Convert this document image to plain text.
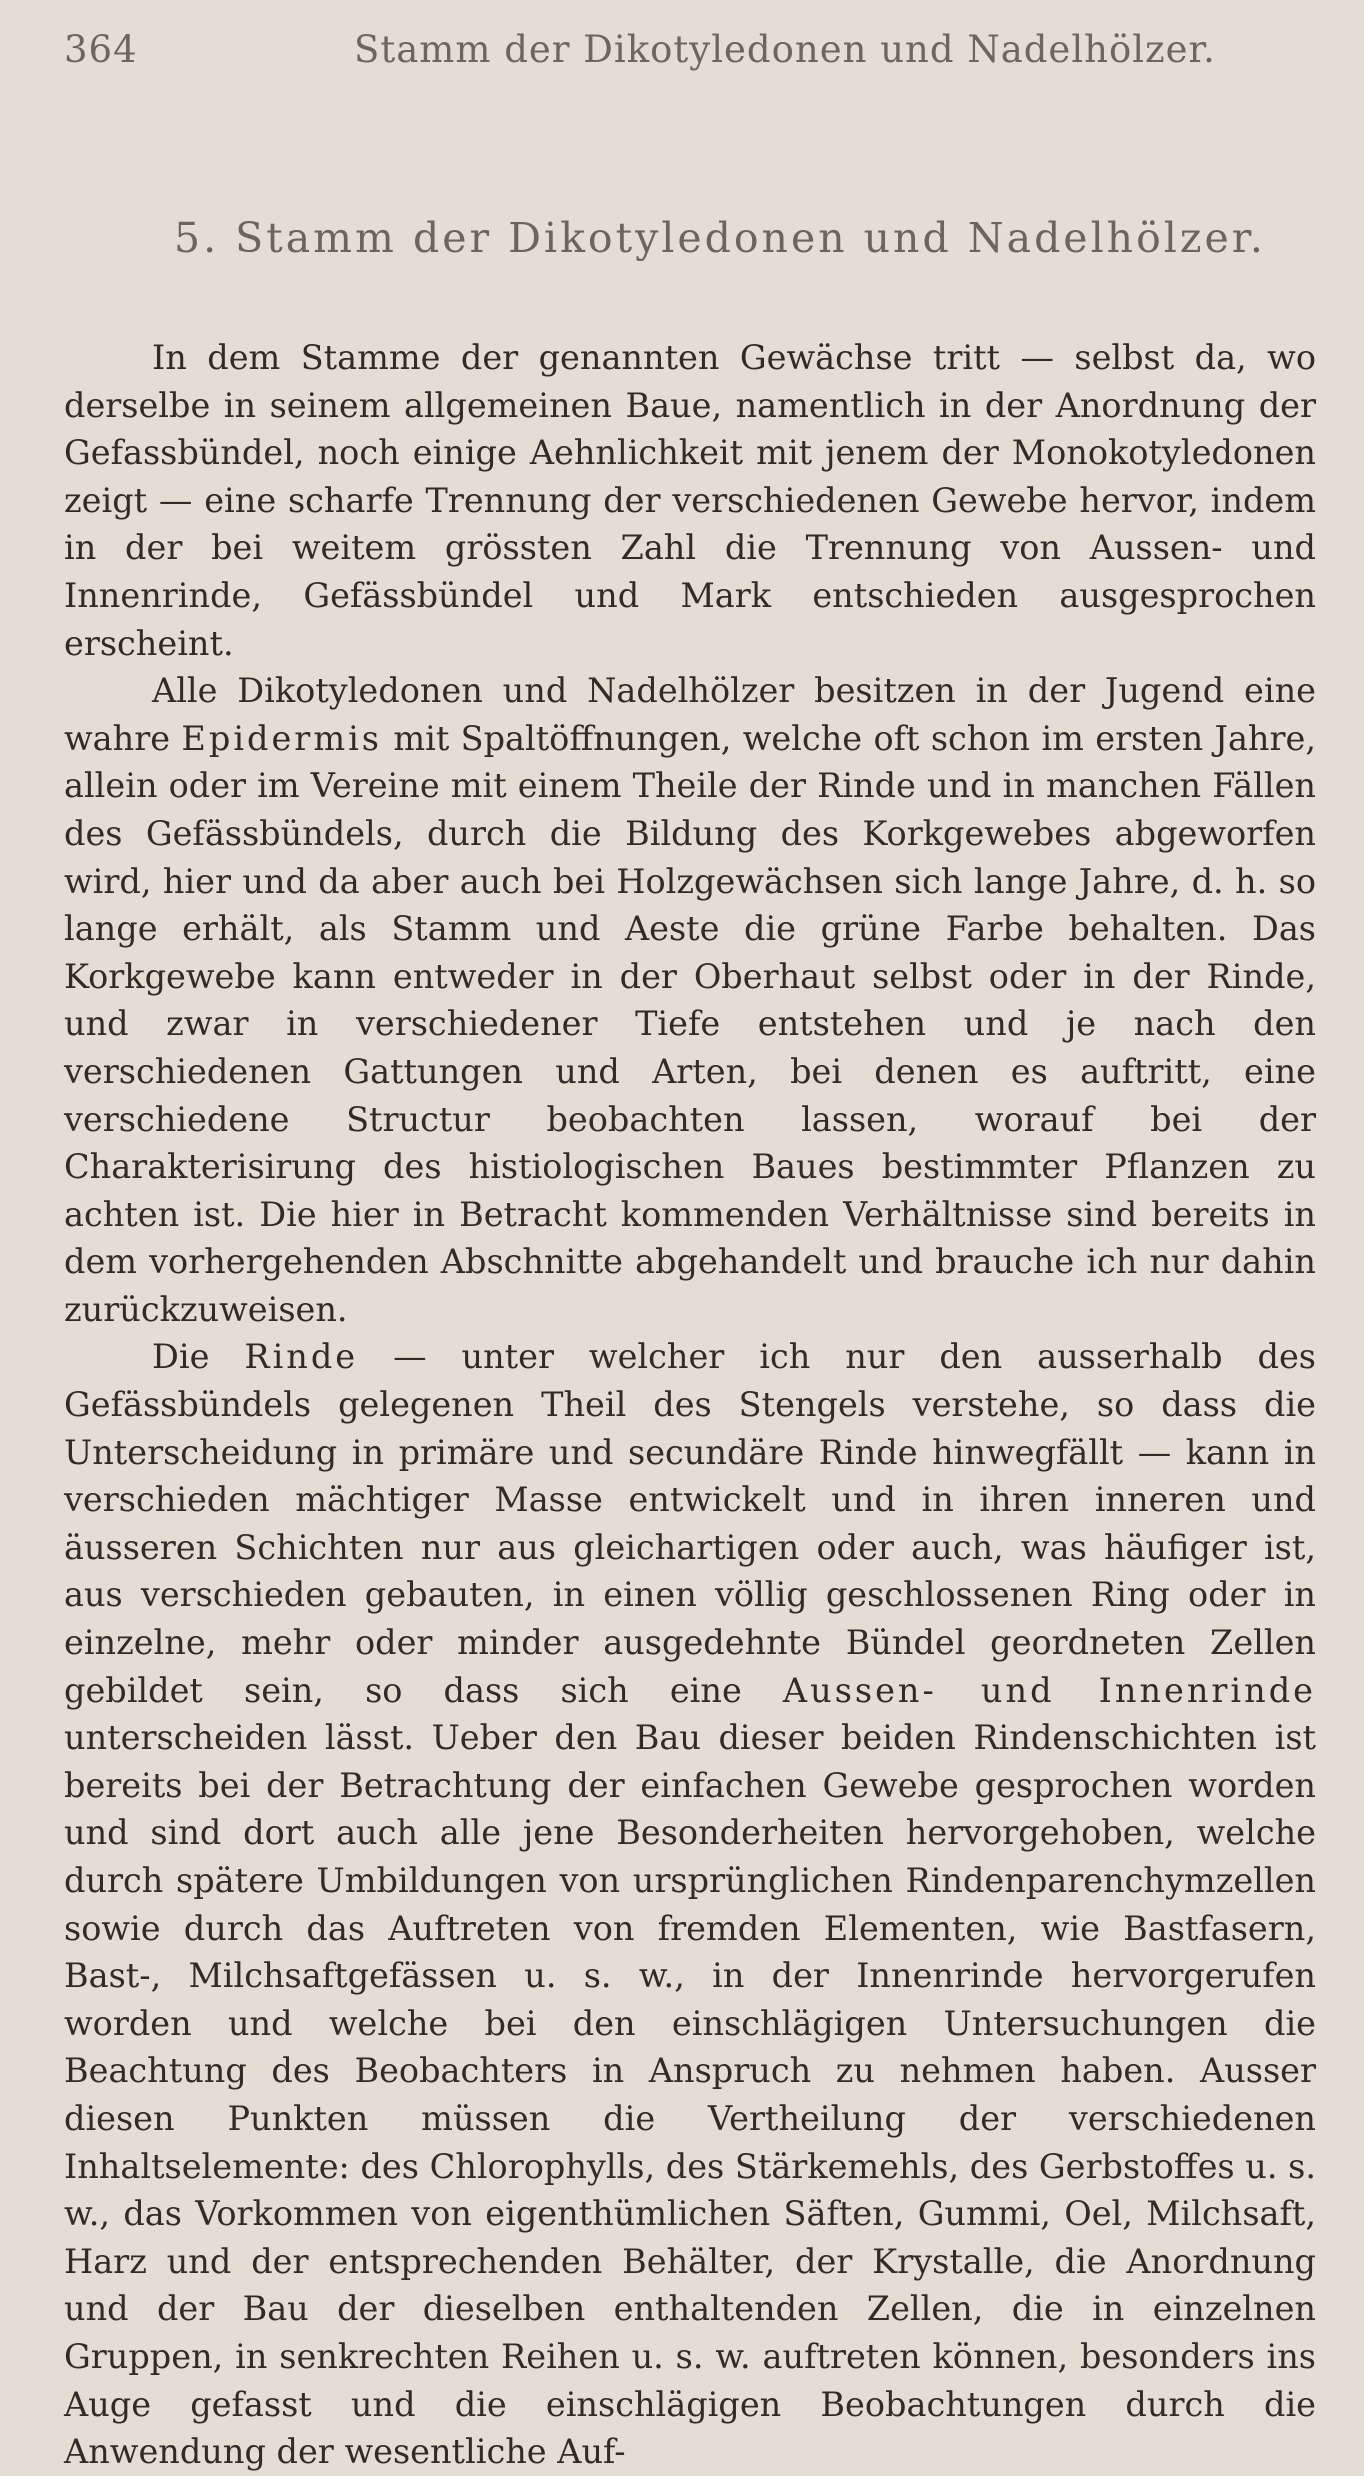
364	Stamm der Dikotyledonen und Nadelhölzer.
5. Stamm der Dikotyledonen und Nadelhölzer.

In dem Stamme der genannten Gewächse tritt — selbst da, wo derselbe in seinem allgemeinen Baue, namentlich in der Anordnung der Gefassbündel, noch einige Aehnlichkeit mit jenem der Monokotyledonen zeigt — eine scharfe Trennung der verschiedenen Gewebe hervor, indem in der bei weitem grössten Zahl die Trennung von Aussen- und Innenrinde, Gefässbündel und Mark entschieden ausgesprochen erscheint.

Alle Dikotyledonen und Nadelhölzer besitzen in der Jugend eine wahre Epidermis mit Spaltöffnungen, welche oft schon im ersten Jahre, allein oder im Vereine mit einem Theile der Rinde und in manchen Fällen des Gefässbündels, durch die Bildung des Korkgewebes abgeworfen wird, hier und da aber auch bei Holzgewächsen sich lange Jahre, d. h. so lange erhält, als Stamm und Aeste die grüne Farbe behalten. Das Korkgewebe kann entweder in der Oberhaut selbst oder in der Rinde, und zwar in verschiedener Tiefe entstehen und je nach den verschiedenen Gattungen und Arten, bei denen es auftritt, eine verschiedene Structur beobachten lassen, worauf bei der Charakterisirung des histiologischen Baues bestimmter Pflanzen zu achten ist. Die hier in Betracht kommenden Verhältnisse sind bereits in dem vorhergehenden Abschnitte abgehandelt und brauche ich nur dahin zurückzuweisen.

Die Rinde — unter welcher ich nur den ausserhalb des Gefässbündels gelegenen Theil des Stengels verstehe, so dass die Unterscheidung in primäre und secundäre Rinde hinwegfällt — kann in verschieden mächtiger Masse entwickelt und in ihren inneren und äusseren Schichten nur aus gleichartigen oder auch, was häufiger ist, aus verschieden gebauten, in einen völlig geschlossenen Ring oder in einzelne, mehr oder minder ausgedehnte Bündel geordneten Zellen gebildet sein, so dass sich eine Aussen- und Innenrinde unterscheiden lässt. Ueber den Bau dieser beiden Rindenschichten ist bereits bei der Betrachtung der einfachen Gewebe gesprochen worden und sind dort auch alle jene Besonderheiten hervorgehoben, welche durch spätere Umbildungen von ursprünglichen Rindenparenchymzellen sowie durch das Auftreten von fremden Elementen, wie Bastfasern, Bast-, Milchsaftgefässen u. s. w., in der Innenrinde hervorgerufen worden und welche bei den einschlägigen Untersuchungen die Beachtung des Beobachters in Anspruch zu nehmen haben. Ausser diesen Punkten müssen die Vertheilung der verschiedenen Inhaltselemente: des Chlorophylls, des Stärkemehls, des Gerbstoffes u. s. w., das Vorkommen von eigenthümlichen Säften, Gummi, Oel, Milchsaft, Harz und der entsprechenden Behälter, der Krystalle, die Anordnung und der Bau der dieselben enthaltenden Zellen, die in einzelnen Gruppen, in senkrechten Reihen u. s. w. auftreten können, besonders ins Auge gefasst und die einschlägigen Beobachtungen durch die Anwendung der wesentliche Auf-
